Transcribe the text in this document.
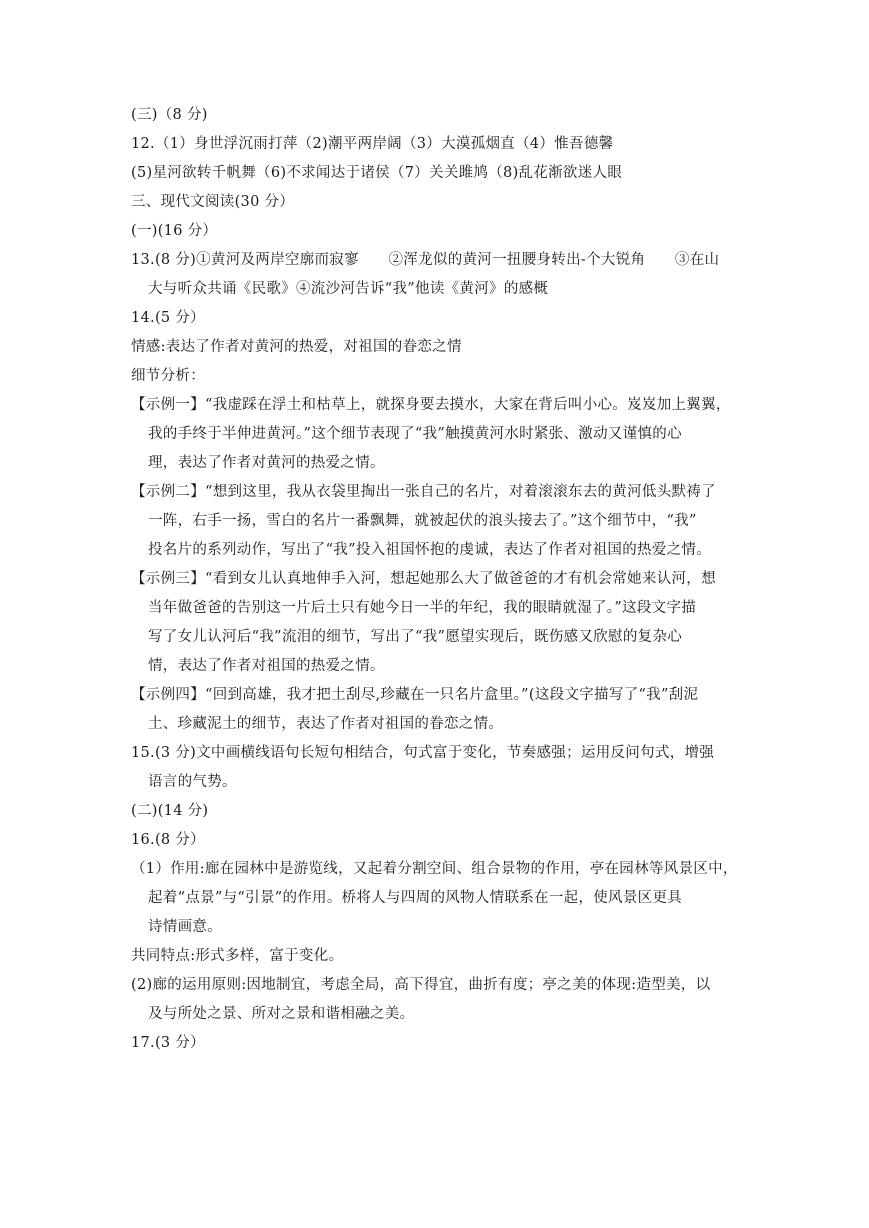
(三)（8 分)
12.（1）身世浮沉雨打萍（2)潮平两岸阔（3）大漠孤烟直（4）惟吾德馨
(5)星河欲转千帆舞（6)不求闻达于诸侯（7）关关雎鸠（8)乱花渐欲迷人眼
三、现代文阅读(30 分）
(一)(16 分）
13.(8 分)①黄河及两岸空廓而寂寥　　②浑龙似的黄河一扭腰身转出-个大锐角　　③在山
大与听众共诵《民歌》④流沙河告诉“我”他读《黄河》的感概
14.(5 分）
情感:表达了作者对黄河的热爱，对祖国的眷恋之情
细节分析：
【示例一】“我虚踩在浮土和枯草上，就探身要去摸水，大家在背后叫小心。岌岌加上翼翼，
我的手终于半伸进黄河。”这个细节表现了“我”触摸黄河水时紧张、激动又谨慎的心
理，表达了作者对黄河的热爱之情。
【示例二】“想到这里，我从衣袋里掏出一张自己的名片，对着滚滚东去的黄河低头默祷了
一阵，右手一扬，雪白的名片一番飘舞，就被起伏的浪头接去了。”这个细节中，“我”
投名片的系列动作，写出了“我”投入祖国怀抱的虔诚，表达了作者对祖国的热爱之情。
【示例三】“看到女儿认真地伸手入河，想起她那么大了做爸爸的才有机会常她来认河，想
当年做爸爸的告别这一片后土只有她今日一半的年纪，我的眼睛就湿了。”这段文字描
写了女儿认河后“我”流泪的细节，写出了“我”愿望实现后，既伤感又欣慰的复杂心
情，表达了作者对祖国的热爱之情。
【示例四】“回到高雄，我才把土刮尽,珍藏在一只名片盒里。”(这段文字描写了“我”刮泥
土、珍藏泥土的细节，表达了作者对祖国的眷恋之情。
15.(3 分)文中画横线语句长短句相结合，句式富于变化，节奏感强；运用反问句式，增强
语言的气势。
(二)(14 分)
16.(8 分）
（1）作用:廊在园林中是游览线，又起着分割空间、组合景物的作用，亭在园林等风景区中，
起着“点景”与“引景”的作用。桥将人与四周的风物人情联系在一起，使风景区更具
诗情画意。
共同特点:形式多样，富于变化。
(2)廊的运用原则:因地制宜，考虑全局，高下得宜，曲折有度；亭之美的体现:造型美，以
及与所处之景、所对之景和谐相融之美。
17.(3 分）
